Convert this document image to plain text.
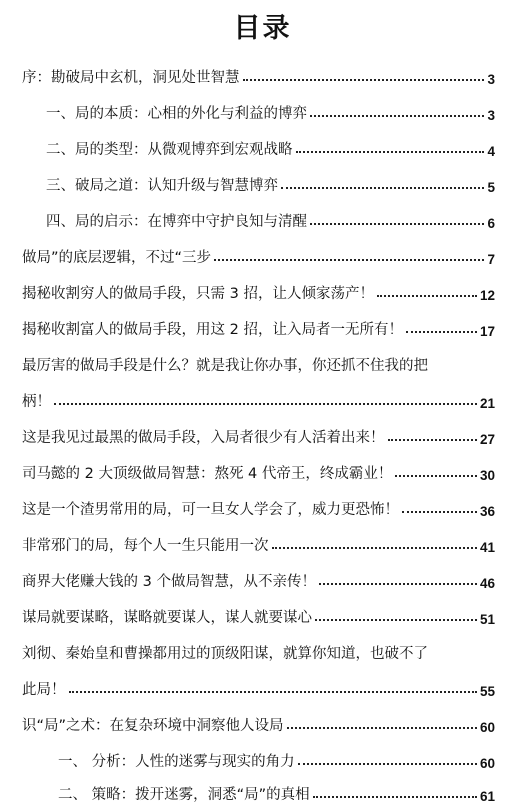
目录
序：勘破局中玄机，洞见处世智慧	3
一、局的本质：心相的外化与利益的博弈	3
二、局的类型：从微观博弈到宏观战略	4
三、破局之道：认知升级与智慧博弈	5
四、局的启示：在博弈中守护良知与清醒	6
做局”的底层逻辑，不过“三步	7
揭秘收割穷人的做局手段，只需 3 招，让人倾家荡产！	12
揭秘收割富人的做局手段，用这 2 招，让入局者一无所有！	17
最厉害的做局手段是什么？就是我让你办事，你还抓不住我的把
柄！	21
这是我见过最黑的做局手段，入局者很少有人活着出来！	27
司马懿的 2 大顶级做局智慧：熬死 4 代帝王，终成霸业！	30
这是一个渣男常用的局，可一旦女人学会了，威力更恐怖！	36
非常邪门的局，每个人一生只能用一次	41
商界大佬赚大钱的 3 个做局智慧，从不亲传！	46
谋局就要谋略，谋略就要谋人，谋人就要谋心	51
刘彻、秦始皇和曹操都用过的顶级阳谋，就算你知道，也破不了
此局！	55
识“局”之术：在复杂环境中洞察他人设局	60
一、 分析：人性的迷雾与现实的角力	60
二、 策略：拨开迷雾，洞悉“局”的真相	61
